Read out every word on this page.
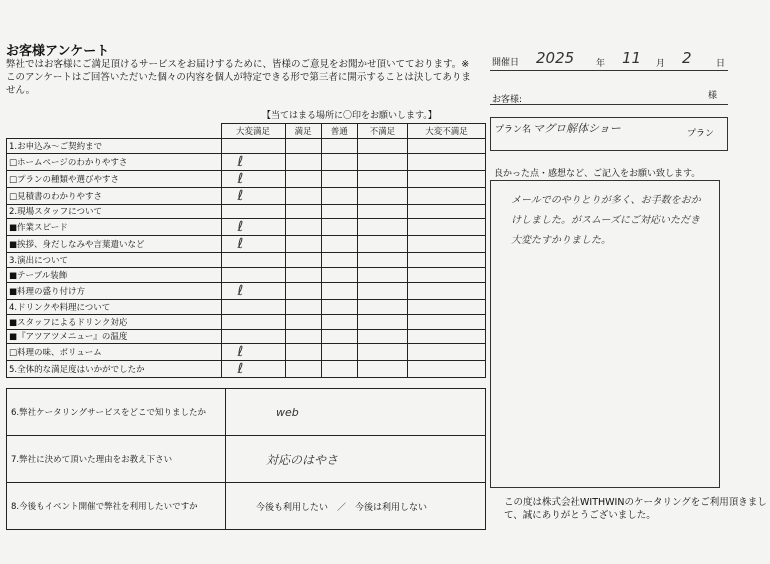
お客様アンケート
弊社ではお客様にご満足頂けるサービスをお届けするために、皆様のご意見をお聞かせ頂いてております。※このアンケートはご回答いただいた個々の内容を個人が特定できる形で第三者に開示することは決してありません。
【当てはまる場所に〇印をお願いします。】
	大変満足	満足	普通	不満足	大変不満足
1.お申込み～ご契約まで					
□ホームページのわかりやすさ	ℓ				
□プランの種類や選びやすさ	ℓ				
□見積書のわかりやすさ	ℓ				
2.現場スタッフについて					
■作業スピード	ℓ				
■挨拶、身だしなみや言葉遣いなど	ℓ				
3.演出について					
■テーブル装飾					
■料理の盛り付け方	ℓ				
4.ドリンクや料理について					
■スタッフによるドリンク対応					
■『アツアツメニュー』の温度					
□料理の味、ボリューム	ℓ				
5.全体的な満足度はいかがでしたか	ℓ				
6.弊社ケータリングサービスをどこで知りましたか	web
7.弊社に決めて頂いた理由をお教え下さい	対応のはやさ
8.今後もイベント開催で弊社を利用したいですか	今後も利用したい　／　今後は利用しない
開催日 2025 年 11 月 2	日
お客様:	様
プラン名 マグロ解体ショー	プラン
良かった点・感想など、ご記入をお願い致します。
メールでのやりとりが多く、お手数をおかけしました。がスムーズにご対応いただき大変たすかりました。
この度は株式会社WITHWINのケータリングをご利用頂きまして、誠にありがとうございました。
